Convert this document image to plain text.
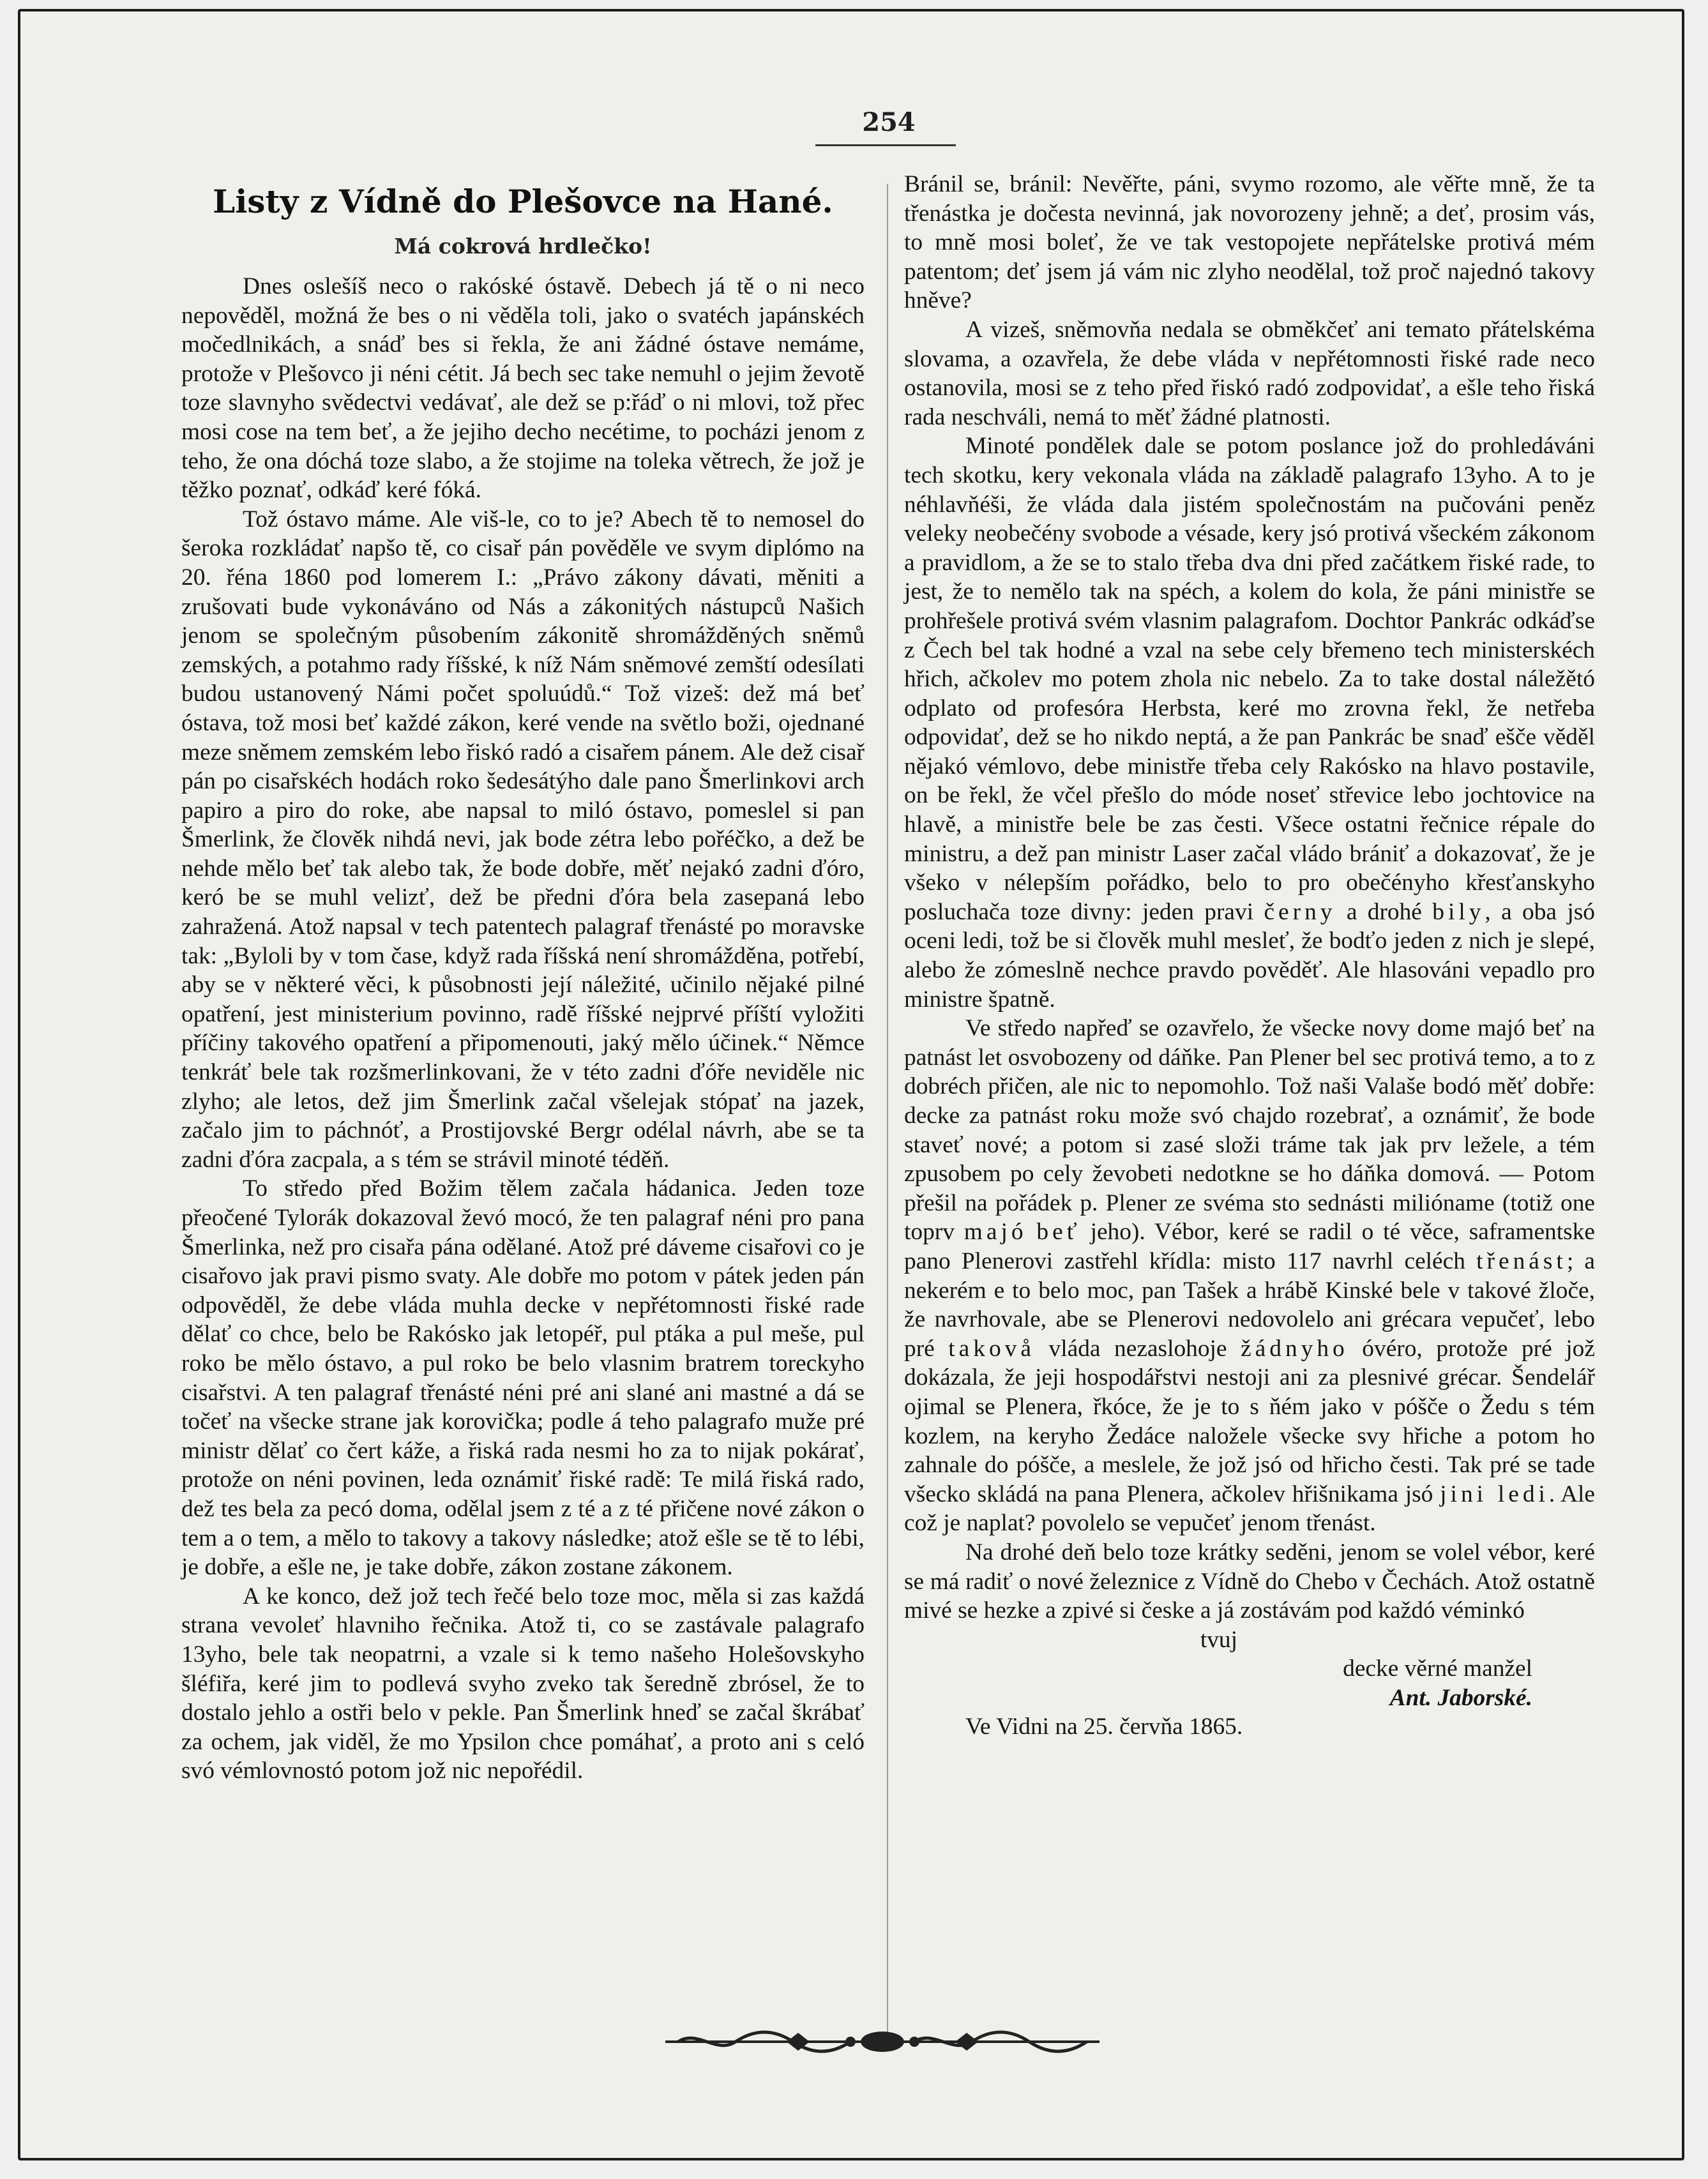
254
Listy z Vídně do Plešovce na Hané.
Má cokrová hrdlečko!

Dnes oslešíš neco o rakóské óstavě. Debech já tě o ni neco nepověděl, možná že bes o ni věděla toli, jako o svatéch japánskéch močedlnikách, a snáď bes si řekla, že ani žádné óstave nemáme, protože v Plešovco ji néni cétit. Já bech sec take nemuhl o jejim ževotě toze slavnyho svědectvi vedávať, ale dež se p:řáď o ni mlovi, tož přec mosi cose na tem beť, a že jejiho decho necétime, to pocházi jenom z teho, že ona dóchá toze slabo, a že stojime na toleka větrech, že jož je těžko poznať, odkáď keré fóká.

Tož óstavo máme. Ale viš-le, co to je? Abech tě to nemosel do šeroka rozkládať napšo tě, co cisař pán pověděle ve svym diplómo na 20. řéna 1860 pod lomerem I.: „Právo zákony dávati, měniti a zrušovati bude vykonáváno od Nás a zákonitých nástupců Našich jenom se společným působením zákonitě shromážděných sněmů zemských, a potahmo rady říšské, k níž Nám sněmové zemští odesílati budou ustanovený Námi počet spoluúdů.“ Tož vizeš: dež má beť óstava, tož mosi beť každé zákon, keré vende na světlo boži, ojednané meze sněmem zemském lebo řiskó radó a cisařem pánem. Ale dež cisař pán po cisařskéch hodách roko šedesátýho dale pano Šmerlinkovi arch papiro a piro do roke, abe napsal to miló óstavo, pomeslel si pan Šmerlink, že člověk nihdá nevi, jak bode zétra lebo pořéčko, a dež be nehde mělo beť tak alebo tak, že bode dobře, měť nejakó zadni ďóro, keró be se muhl velizť, dež be předni ďóra bela zasepaná lebo zahražená. Atož napsal v tech patentech palagraf třenásté po moravske tak: „Byloli by v tom čase, když rada říšská není shromážděna, potřebí, aby se v některé věci, k působnosti její náležité, učinilo nějaké pilné opatření, jest ministerium povinno, radě říšské nejprvé příští vyložiti příčiny takového opatření a připomenouti, jaký mělo účinek.“ Němce tenkráť bele tak rozšmerlinkovani, že v této zadni ďóře neviděle nic zlyho; ale letos, dež jim Šmerlink začal všelejak stópať na jazek, začalo jim to páchnóť, a Prostijovské Bergr odélal návrh, abe se ta zadni ďóra zacpala, a s tém se strávil minoté téděň.

To středo před Božim tělem začala hádanica. Jeden toze přeočené Tylorák dokazoval ževó mocó, že ten palagraf néni pro pana Šmerlinka, než pro cisařa pána odělané. Atož pré dáveme cisařovi co je cisařovo jak pravi pismo svaty. Ale dobře mo potom v pátek jeden pán odpověděl, že debe vláda muhla decke v nepřétomnosti řiské rade dělať co chce, belo be Rakósko jak letopéř, pul ptáka a pul meše, pul roko be mělo óstavo, a pul roko be belo vlasnim bratrem toreckyho cisařstvi. A ten palagraf třenásté néni pré ani slané ani mastné a dá se točeť na všecke strane jak korovička; podle á teho palagrafo muže pré ministr dělať co čert káže, a řiská rada nesmi ho za to nijak pokárať, protože on néni povinen, leda oznámiť řiské radě: Te milá řiská rado, dež tes bela za pecó doma, odělal jsem z té a z té přičene nové zákon o tem a o tem, a mělo to takovy a takovy následke; atož ešle se tě to lébi, je dobře, a ešle ne, je take dobře, zákon zostane zákonem.

A ke konco, dež jož tech řečé belo toze moc, měla si zas každá strana vevoleť hlavniho řečnika. Atož ti, co se zastávale palagrafo 13yho, bele tak neopatrni, a vzale si k temo našeho Holešovskyho šléfiřa, keré jim to podlevá svyho zveko tak šeredně zbrósel, že to dostalo jehlo a ostři belo v pekle. Pan Šmerlink hneď se začal škrábať za ochem, jak viděl, že mo Ypsilon chce pomáhať, a proto ani s celó svó vémlovnostó potom jož nic nepořédil.

Bránil se, bránil: Nevěřte, páni, svymo rozomo, ale věřte mně, že ta třenástka je dočesta nevinná, jak novorozeny jehně; a deť, prosim vás, to mně mosi boleť, že ve tak vestopojete nepřátelske protivá mém patentom; deť jsem já vám nic zlyho neodělal, tož proč najednó takovy hněve?

A vizeš, sněmovňa nedala se obměkčeť ani temato přátelskéma slovama, a ozavřela, že debe vláda v nepřétomnosti řiské rade neco ostanovila, mosi se z teho před řiskó radó zodpovidať, a ešle teho řiská rada neschváli, nemá to měť žádné platnosti.

Minoté pondělek dale se potom poslance jož do prohledáváni tech skotku, kery vekonala vláda na základě palagrafo 13yho. A to je néhlavňéši, že vláda dala jistém společnostám na pučováni peněz veleky neobečény svobode a vésade, kery jsó protivá všeckém zákonom a pravidlom, a že se to stalo třeba dva dni před začátkem řiské rade, to jest, že to nemělo tak na spéch, a kolem do kola, že páni ministře se prohřešele protivá svém vlasnim palagrafom. Dochtor Pankrác odkáďse z Čech bel tak hodné a vzal na sebe cely břemeno tech ministerskéch hřich, ačkolev mo potem zhola nic nebelo. Za to take dostal náležětó odplato od profesóra Herbsta, keré mo zrovna řekl, že netřeba odpovidať, dež se ho nikdo neptá, a že pan Pankrác be snaď ešče věděl nějakó vémlovo, debe ministře třeba cely Rakósko na hlavo postavile, on be řekl, že včel přešlo do móde noseť střevice lebo jochtovice na hlavě, a ministře bele be zas česti. Všece ostatni řečnice répale do ministru, a dež pan ministr Laser začal vládo brániť a dokazovať, že je všeko v nélepším pořádko, belo to pro obečényho křesťanskyho posluchača toze divny: jeden pravi černy a drohé bily, a oba jsó oceni ledi, tož be si člověk muhl mesleť, že bodťo jeden z nich je slepé, alebo že zómeslně nechce pravdo pověděť. Ale hlasováni vepadlo pro ministre špatně.

Ve středo napřeď se ozavřelo, že všecke novy dome majó beť na patnást let osvobozeny od dáňke. Pan Plener bel sec protivá temo, a to z dobréch přičen, ale nic to nepomohlo. Tož naši Valaše bodó měť dobře: decke za patnást roku može svó chajdo rozebrať, a oznámiť, že bode staveť nové; a potom si zasé složi tráme tak jak prv ležele, a tém zpusobem po cely ževobeti nedotkne se ho dáňka domová. — Potom přešil na pořádek p. Plener ze svéma sto sednásti milióname (totiž one toprv majó beť jeho). Vébor, keré se radil o té věce, saframentske pano Plenerovi zastřehl křídla: misto 117 navrhl celéch třenást; a nekerém e to belo moc, pan Tašek a hrábě Kinské bele v takové žloče, že navrhovale, abe se Plenerovi nedovolelo ani grécara vepučeť, lebo pré takovå vláda nezaslohoje žádnyho óvéro, protože pré jož dokázala, že jeji hospodářstvi nestoji ani za plesnivé grécar. Šendelář ojimal se Plenera, řkóce, že je to s ňém jako v póšče o Žedu s tém kozlem, na keryho Žedáce naložele všecke svy hřiche a potom ho zahnale do póšče, a meslele, že jož jsó od hřicho česti. Tak pré se tade všecko skládá na pana Plenera, ačkolev hřišnikama jsó jini ledi. Ale což je naplat? povolelo se vepučeť jenom třenást.

Na drohé deň belo toze krátky seděni, jenom se volel vébor, keré se má radiť o nové železnice z Vídně do Chebo v Čechách. Atož ostatně mivé se hezke a zpivé si česke a já zostávám pod každó véminkó

tvuj

decke věrné manžel

Ant. Jaborské.

Ve Vidni na 25. červňa 1865.
